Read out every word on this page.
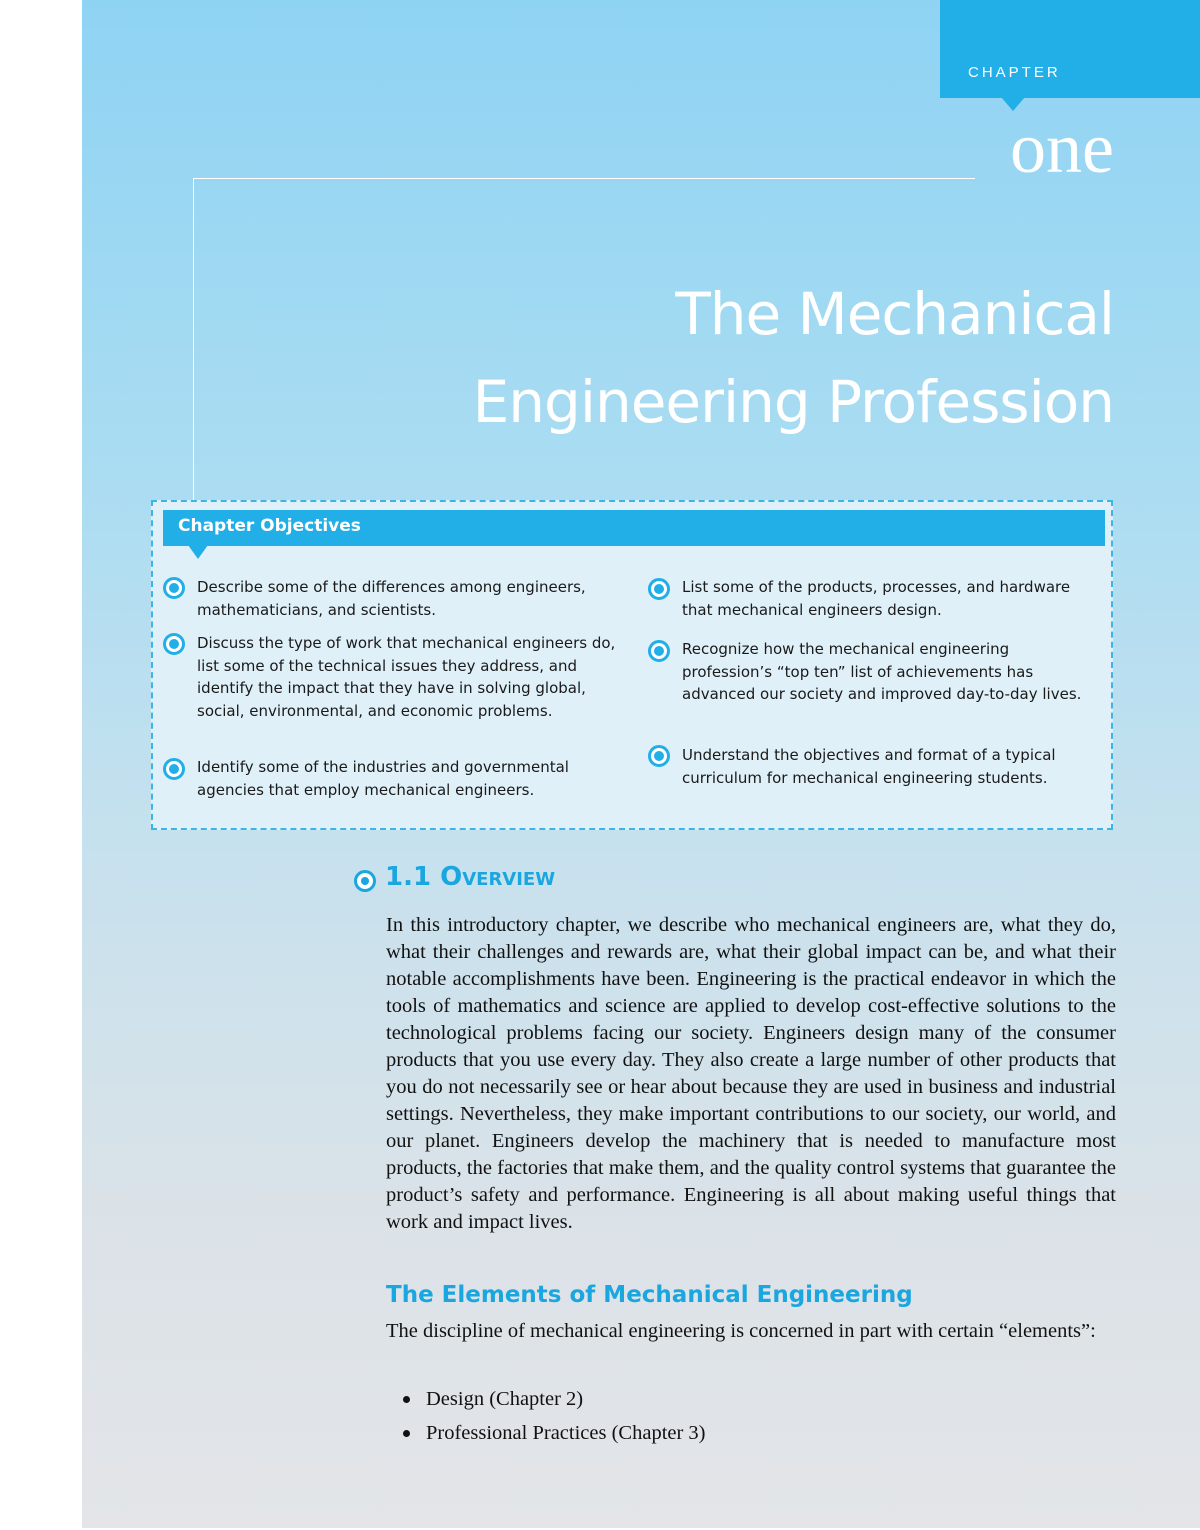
CHAPTER
one
The Mechanical
Engineering Profession
Chapter Objectives
Describe some of the differences among engineers, mathematicians, and scientists.
Discuss the type of work that mechanical engineers do, list some of the technical issues they address, and identify the impact that they have in solving global, social, environmental, and economic problems.
Identify some of the industries and governmental agencies that employ mechanical engineers.
List some of the products, processes, and hardware that mechanical engineers design.
Recognize how the mechanical engineering profession’s “top ten” list of achievements has advanced our society and improved day-to-day lives.
Understand the objectives and format of a typical curriculum for mechanical engineering students.
1.1 Overview
In this introductory chapter, we describe who mechanical engineers are, what they do, what their challenges and rewards are, what their global impact can be, and what their notable accomplishments have been. Engineering is the practical endeavor in which the tools of mathematics and science are applied to develop cost-effective solutions to the technological problems facing our society. Engineers design many of the consumer products that you use every day. They also create a large number of other products that you do not necessarily see or hear about because they are used in business and industrial settings. Nevertheless, they make important contributions to our society, our world, and our planet. Engineers develop the machinery that is needed to manufacture most products, the factories that make them, and the quality control systems that guarantee the product’s safety and performance. Engineering is all about making useful things that work and impact lives.
The Elements of Mechanical Engineering
The discipline of mechanical engineering is concerned in part with certain “elements”:
Design (Chapter 2)
Professional Practices (Chapter 3)
